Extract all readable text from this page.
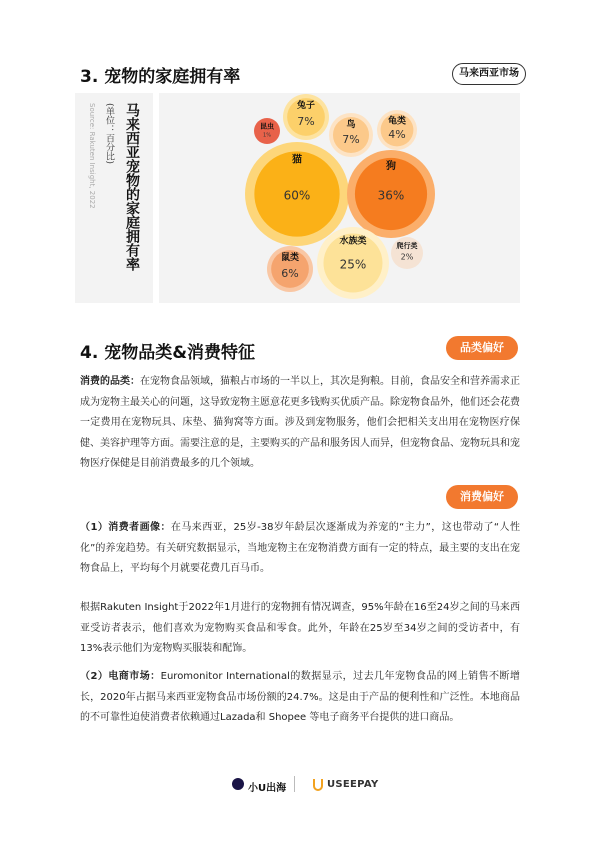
3. 宠物的家庭拥有率	马来西亚市场
马来西亚宠物的家庭拥有率
(单位：百分比)
Source: Rakuten Insight, 2022	兔子
7%
昆虫
1%
鸟
7%
龟类
4%
猫
60%
狗
36%
鼠类
6%
水族类
25%
爬行类
2%
4. 宠物品类&消费特征	品类偏好
消费的品类：在宠物食品领域，猫粮占市场的一半以上，其次是狗粮。目前，食品安全和营养需求正成为宠物主最关心的问题，这导致宠物主愿意花更多钱购买优质产品。除宠物食品外，他们还会花费一定费用在宠物玩具、床垫、猫狗窝等方面。涉及到宠物服务，他们会把相关支出用在宠物医疗保健、美容护理等方面。需要注意的是，主要购买的产品和服务因人而异，但宠物食品、宠物玩具和宠物医疗保健是目前消费最多的几个领域。
消费偏好
（1）消费者画像：在马来西亚，25岁-38岁年龄层次逐渐成为养宠的“主力”，这也带动了“人性化”的养宠趋势。有关研究数据显示，当地宠物主在宠物消费方面有一定的特点，最主要的支出在宠物食品上，平均每个月就要花费几百马币。
根据Rakuten Insight于2022年1月进行的宠物拥有情况调查，95%年龄在16至24岁之间的马来西亚受访者表示，他们喜欢为宠物购买食品和零食。此外，年龄在25岁至34岁之间的受访者中，有13%表示他们为宠物购买服装和配饰。
（2）电商市场：Euromonitor International的数据显示，过去几年宠物食品的网上销售不断增长，2020年占据马来西亚宠物食品市场份额的24.7%。这是由于产品的便利性和广泛性。本地商品的不可靠性迫使消费者依赖通过Lazada和 Shopee 等电子商务平台提供的进口商品。
小U出海	USEEPAY
